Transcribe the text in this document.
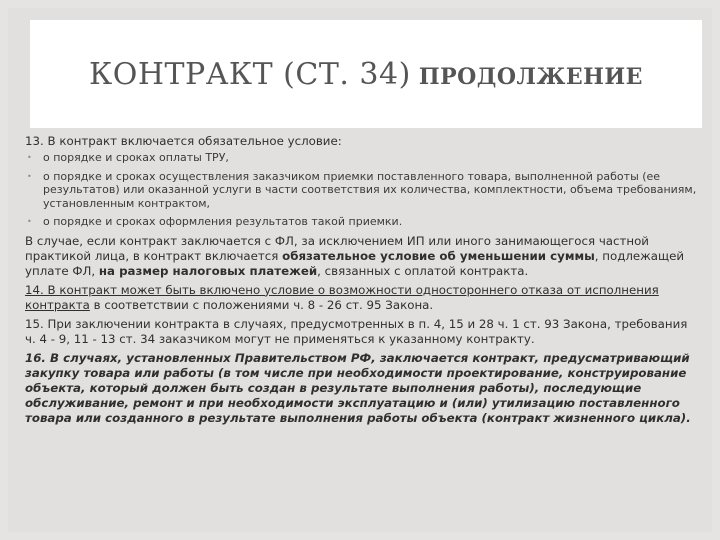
КОНТРАКТ (СТ. 34) ПРОДОЛЖЕНИЕ

13. В контракт включается обязательное условие:

• о порядке и сроках оплаты ТРУ,
• о порядке и сроках осуществления заказчиком приемки поставленного товара, выполненной работы (ее результатов) или оказанной услуги в части соответствия их количества, комплектности, объема требованиям, установленным контрактом,
• о порядке и сроках оформления результатов такой приемки.

В случае, если контракт заключается с ФЛ, за исключением ИП или иного занимающегося частной практикой лица, в контракт включается обязательное условие об уменьшении суммы, подлежащей уплате ФЛ, на размер налоговых платежей, связанных с оплатой контракта.

14. В контракт может быть включено условие о возможности одностороннего отказа от исполнения контракта в соответствии с положениями ч. 8 - 26 ст. 95 Закона.

15. При заключении контракта в случаях, предусмотренных в п. 4, 15 и 28 ч. 1 ст. 93 Закона, требования ч. 4 - 9, 11 - 13 ст. 34 заказчиком могут не применяться к указанному контракту.

16. В случаях, установленных Правительством РФ, заключается контракт, предусматривающий закупку товара или работы (в том числе при необходимости проектирование, конструирование объекта, который должен быть создан в результате выполнения работы), последующие обслуживание, ремонт и при необходимости эксплуатацию и (или) утилизацию поставленного товара или созданного в результате выполнения работы объекта (контракт жизненного цикла).
